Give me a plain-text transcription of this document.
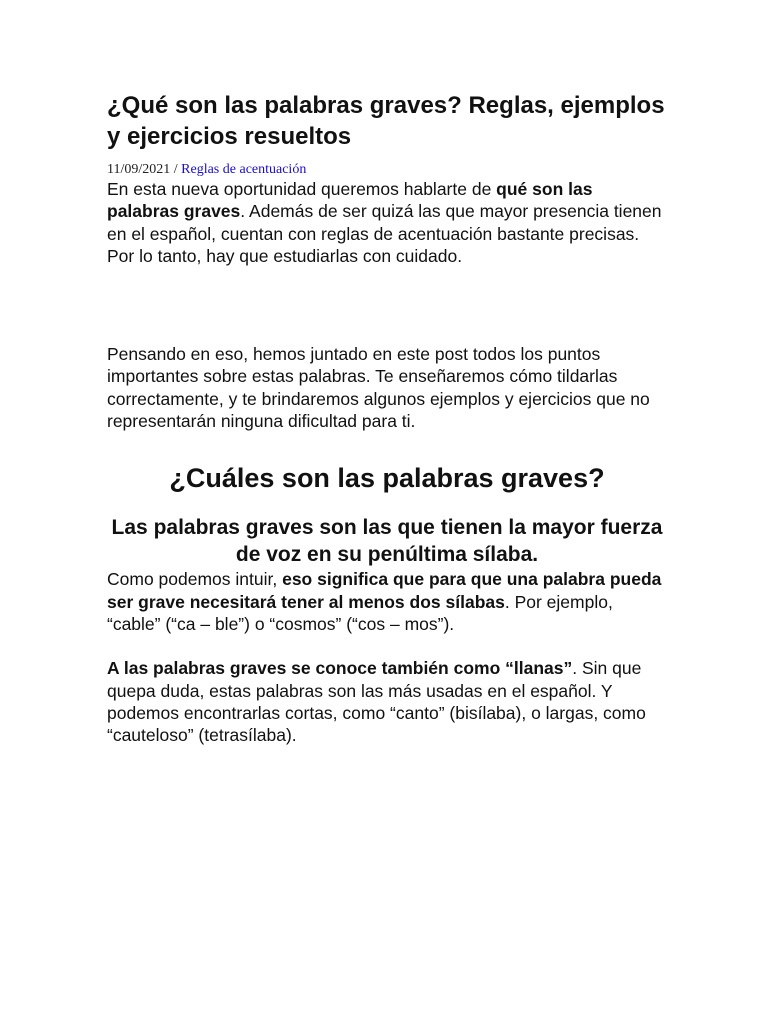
¿Qué son las palabras graves? Reglas, ejemplos y ejercicios resueltos
11/09/2021 / Reglas de acentuación

En esta nueva oportunidad queremos hablarte de qué son las palabras graves. Además de ser quizá las que mayor presencia tienen en el español, cuentan con reglas de acentuación bastante precisas. Por lo tanto, hay que estudiarlas con cuidado.

Pensando en eso, hemos juntado en este post todos los puntos importantes sobre estas palabras. Te enseñaremos cómo tildarlas correctamente, y te brindaremos algunos ejemplos y ejercicios que no representarán ninguna dificultad para ti.

¿Cuáles son las palabras graves?
Las palabras graves son las que tienen la mayor fuerza de voz en su penúltima sílaba.

Como podemos intuir, eso significa que para que una palabra pueda ser grave necesitará tener al menos dos sílabas. Por ejemplo, “cable” (“ca – ble”) o “cosmos” (“cos – mos”).

A las palabras graves se conoce también como “llanas”. Sin que quepa duda, estas palabras son las más usadas en el español. Y podemos encontrarlas cortas, como “canto” (bisílaba), o largas, como “cauteloso” (tetrasílaba).
